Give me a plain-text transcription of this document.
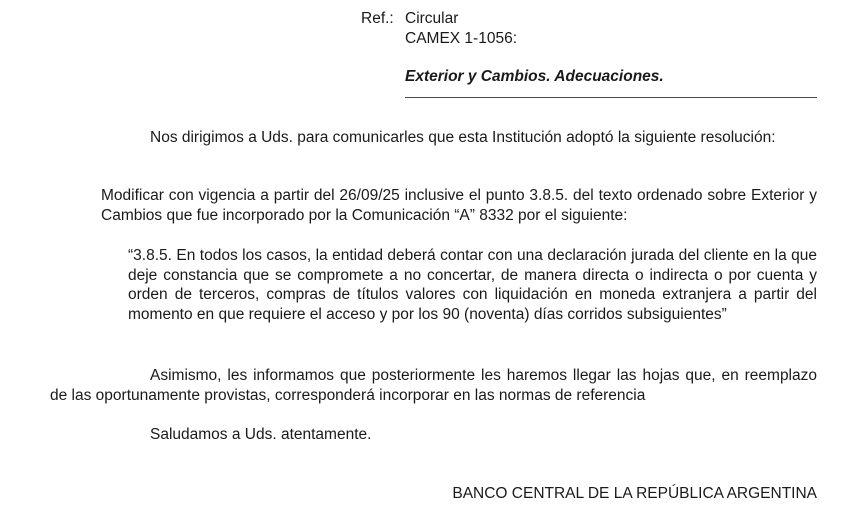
Ref.: Circular
CAMEX 1-1056:
Exterior y Cambios. Adecuaciones.
Nos dirigimos a Uds. para comunicarles que esta Institución adoptó la siguiente resolución:
Modificar con vigencia a partir del 26/09/25 inclusive el punto 3.8.5. del texto ordenado sobre Exterior y Cambios que fue incorporado por la Comunicación “A” 8332 por el siguiente:
“3.8.5. En todos los casos, la entidad deberá contar con una declaración jurada del cliente en la que deje constancia que se compromete a no concertar, de manera directa o indirecta o por cuenta y orden de terceros, compras de títulos valores con liquidación en moneda extranjera a partir del momento en que requiere el acceso y por los 90 (noventa) días corridos subsiguientes”
Asimismo, les informamos que posteriormente les haremos llegar las hojas que, en reemplazo de las oportunamente provistas, corresponderá incorporar en las normas de referencia
Saludamos a Uds. atentamente.
BANCO CENTRAL DE LA REPÚBLICA ARGENTINA
